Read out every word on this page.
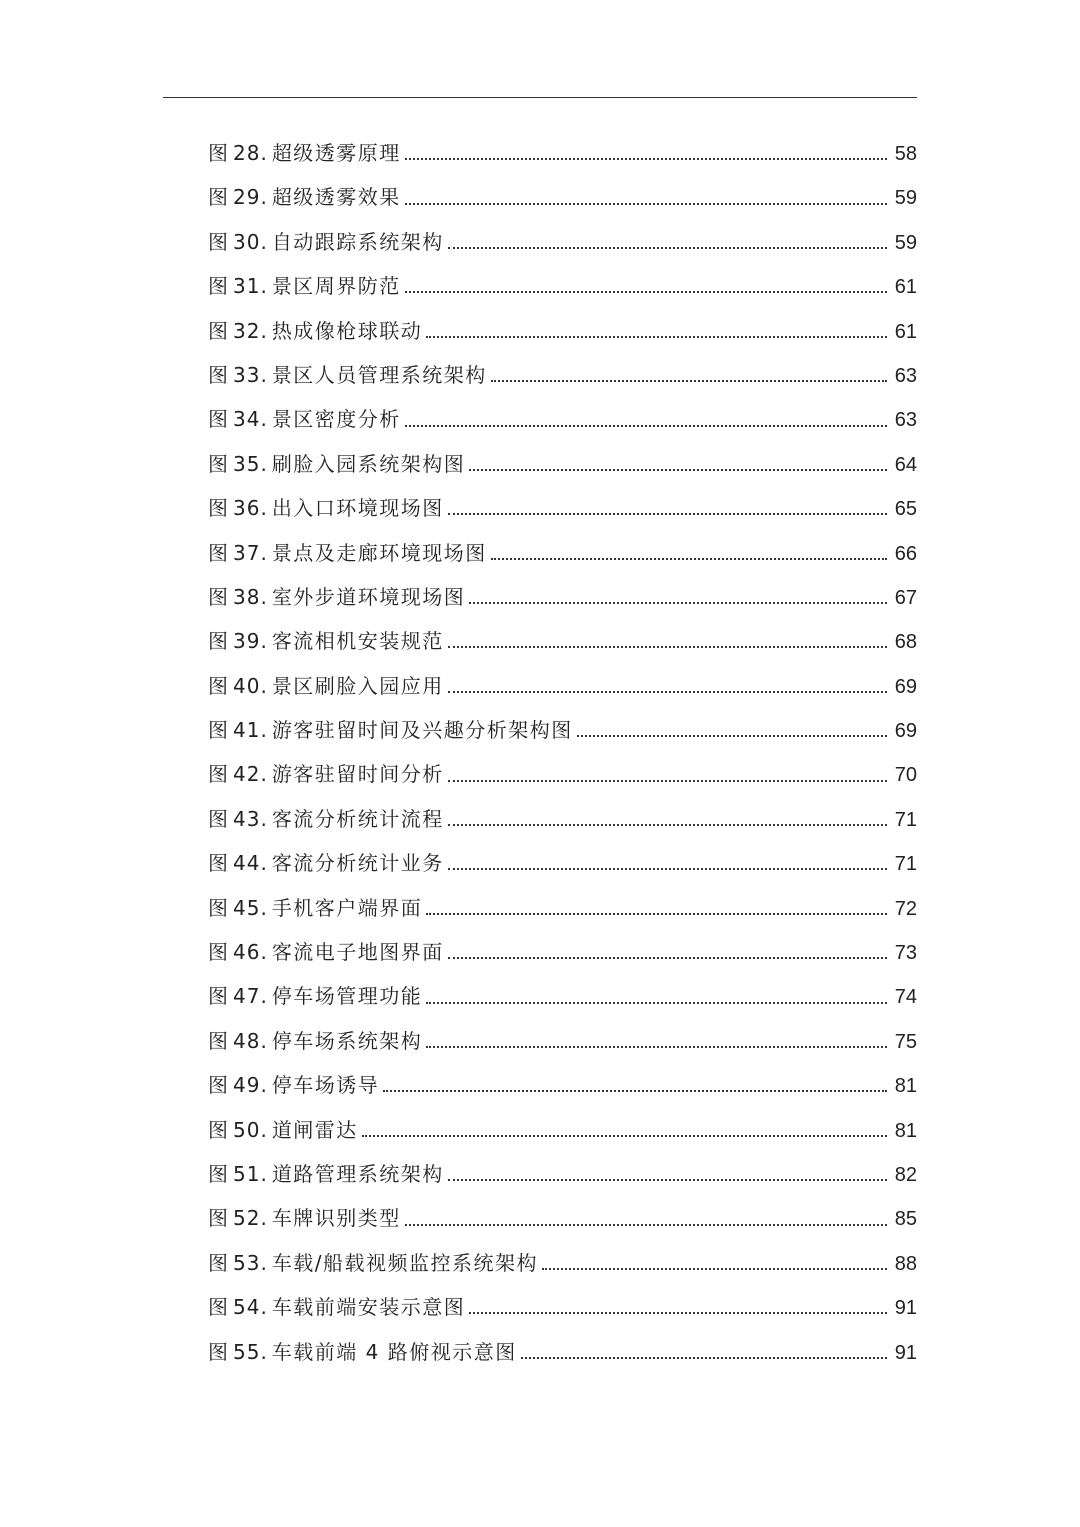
图 28. 超级透雾原理	58
图 29. 超级透雾效果	59
图 30. 自动跟踪系统架构	59
图 31. 景区周界防范	61
图 32. 热成像枪球联动	61
图 33. 景区人员管理系统架构	63
图 34. 景区密度分析	63
图 35. 刷脸入园系统架构图	64
图 36. 出入口环境现场图	65
图 37. 景点及走廊环境现场图	66
图 38. 室外步道环境现场图	67
图 39. 客流相机安装规范	68
图 40. 景区刷脸入园应用	69
图 41. 游客驻留时间及兴趣分析架构图	69
图 42. 游客驻留时间分析	70
图 43. 客流分析统计流程	71
图 44. 客流分析统计业务	71
图 45. 手机客户端界面	72
图 46. 客流电子地图界面	73
图 47. 停车场管理功能	74
图 48. 停车场系统架构	75
图 49. 停车场诱导	81
图 50. 道闸雷达	81
图 51. 道路管理系统架构	82
图 52. 车牌识别类型	85
图 53. 车载/船载视频监控系统架构	88
图 54. 车载前端安装示意图	91
图 55. 车载前端 4 路俯视示意图	91
